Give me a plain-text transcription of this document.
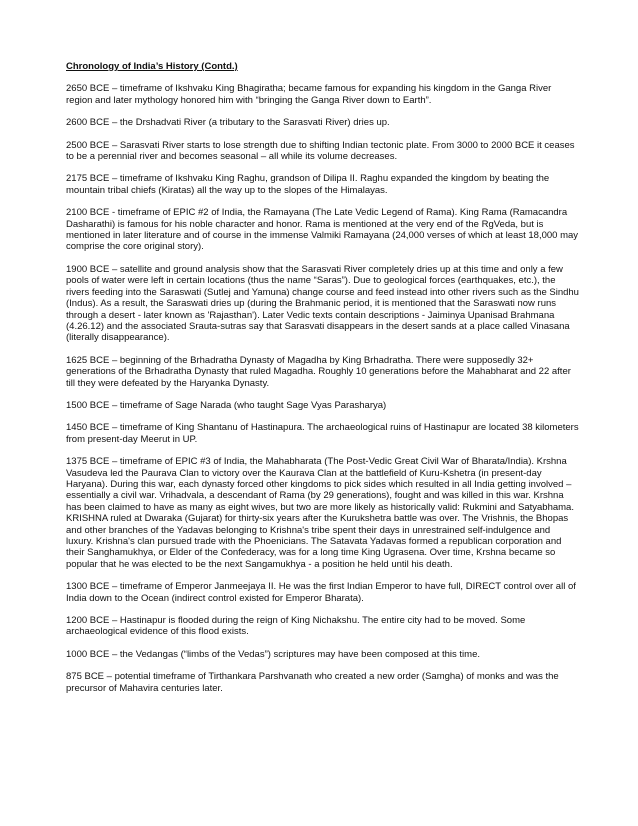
Chronology of India’s History (Contd.)

2650 BCE – timeframe of Ikshvaku King Bhagiratha; became famous for expanding his kingdom in the Ganga River region and later mythology honored him with “bringing the Ganga River down to Earth”.

2600 BCE – the Drshadvati River (a tributary to the Sarasvati River) dries up.

2500 BCE – Sarasvati River starts to lose strength due to shifting Indian tectonic plate. From 3000 to 2000 BCE it ceases to be a perennial river and becomes seasonal – all while its volume decreases.

2175 BCE – timeframe of Ikshvaku King Raghu, grandson of Dilipa II. Raghu expanded the kingdom by beating the mountain tribal chiefs (Kiratas) all the way up to the slopes of the Himalayas.

2100 BCE - timeframe of EPIC #2 of India, the Ramayana (The Late Vedic Legend of Rama). King Rama (Ramacandra Dasharathi) is famous for his noble character and honor. Rama is mentioned at the very end of the RgVeda, but is mentioned in later literature and of course in the immense Valmiki Ramayana (24,000 verses of which at least 18,000 may comprise the core original story).

1900 BCE – satellite and ground analysis show that the Sarasvati River completely dries up at this time and only a few pools of water were left in certain locations (thus the name “Saras”). Due to geological forces (earthquakes, etc.), the rivers feeding into the Saraswati (Sutlej and Yamuna) change course and feed instead into other rivers such as the Sindhu (Indus). As a result, the Saraswati dries up (during the Brahmanic period, it is mentioned that the Saraswati now runs through a desert - later known as 'Rajasthan'). Later Vedic texts contain descriptions - Jaiminya Upanisad Brahmana (4.26.12) and the associated Srauta-sutras say that Sarasvati disappears in the desert sands at a place called Vinasana (literally disappearance).

1625 BCE – beginning of the Brhadratha Dynasty of Magadha by King Brhadratha. There were supposedly 32+ generations of the Brhadratha Dynasty that ruled Magadha. Roughly 10 generations before the Mahabharat and 22 after till they were defeated by the Haryanka Dynasty.

1500 BCE – timeframe of Sage Narada (who taught Sage Vyas Parasharya)

1450 BCE – timeframe of King Shantanu of Hastinapura. The archaeological ruins of Hastinapur are located 38 kilometers from present-day Meerut in UP.

1375 BCE – timeframe of EPIC #3 of India, the Mahabharata (The Post-Vedic Great Civil War of Bharata/India). Krshna Vasudeva led the Paurava Clan to victory over the Kaurava Clan at the battlefield of Kuru-Kshetra (in present-day Haryana). During this war, each dynasty forced other kingdoms to pick sides which resulted in all India getting involved – essentially a civil war. Vrihadvala, a descendant of Rama (by 29 generations), fought and was killed in this war. Krshna has been claimed to have as many as eight wives, but two are more likely as historically valid: Rukmini and Satyabhama. KRISHNA ruled at Dwaraka (Gujarat) for thirty-six years after the Kurukshetra battle was over. The Vrishnis, the Bhopas and other branches of the Yadavas belonging to Krishna's tribe spent their days in unrestrained self-indulgence and luxury. Krishna's clan pursued trade with the Phoenicians. The Satavata Yadavas formed a republican corporation and their Sanghamukhya, or Elder of the Confederacy, was for a long time King Ugrasena. Over time, Krshna became so popular that he was elected to be the next Sangamukhya - a position he held until his death.

1300 BCE – timeframe of Emperor Janmeejaya II. He was the first Indian Emperor to have full, DIRECT control over all of India down to the Ocean (indirect control existed for Emperor Bharata).

1200 BCE – Hastinapur is flooded during the reign of King Nichakshu. The entire city had to be moved. Some archaeological evidence of this flood exists.

1000 BCE – the Vedangas (“limbs of the Vedas”) scriptures may have been composed at this time.

875 BCE – potential timeframe of Tirthankara Parshvanath who created a new order (Samgha) of monks and was the precursor of Mahavira centuries later.
